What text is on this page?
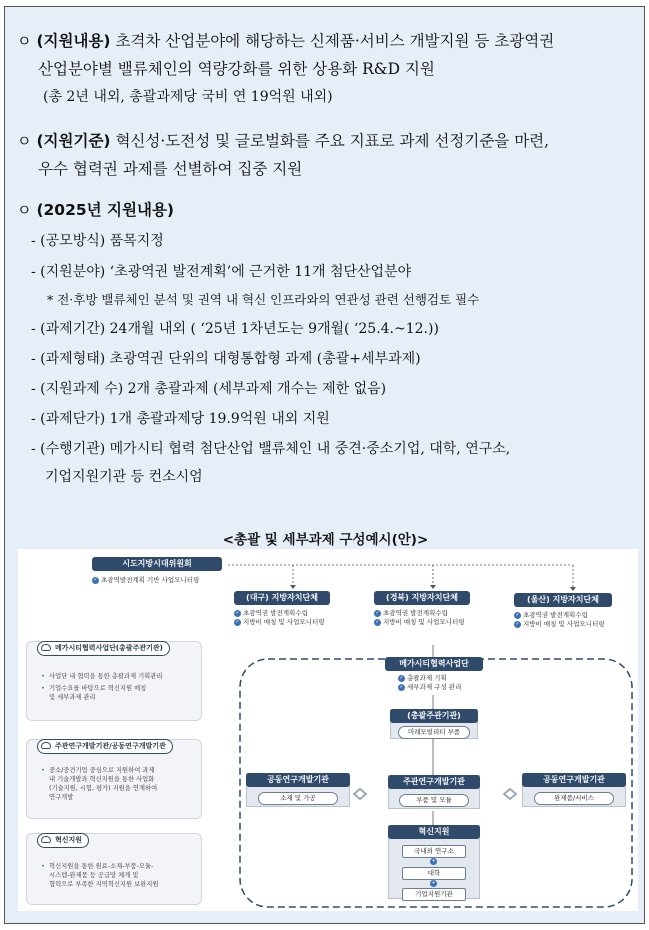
ㅇ (지원내용) 초격차 산업분야에 해당하는 신제품·서비스 개발지원 등 초광역권
산업분야별 밸류체인의 역량강화를 위한 상용화 R&D 지원
(총 2년 내외, 총괄과제당 국비 연 19억원 내외)
ㅇ (지원기준) 혁신성·도전성 및 글로벌화를 주요 지표로 과제 선정기준을 마련,
우수 협력권 과제를 선별하여 집중 지원
ㅇ (2025년 지원내용)
- (공모방식) 품목지정
- (지원분야) ‘초광역권 발전계획’에 근거한 11개 첨단산업분야
* 전·후방 밸류체인 분석 및 권역 내 혁신 인프라와의 연관성 관련 선행검토 필수
- (과제기간) 24개월 내외 ( ‘25년 1차년도는 9개월( ‘25.4.~12.))
- (과제형태) 초광역권 단위의 대형통합형 과제 (총괄+세부과제)
- (지원과제 수) 2개 총괄과제 (세부과제 개수는 제한 없음)
- (과제단가) 1개 총괄과제당 19.9억원 내외 지원
- (수행기관) 메가시티 협력 첨단산업 밸류체인 내 중견·중소기업, 대학, 연구소,
기업지원기관 등 컨소시엄
<총괄 및 세부과제 구성예시(안)>
시도지방시대위원회
✓ 초광역발전계획 기반 사업모니터링
(대구) 지방자치단체
✓ 초광역권 발전계획수립
✓ 지방비 매칭 및 사업모니터링
(경북) 지방자치단체
✓ 초광역권 발전계획수립
✓ 지방비 매칭 및 사업모니터링
(울산) 지방자치단체
✓ 초광역권 발전계획수립
✓ 지방비 매칭 및 사업모니터링
메가시티협력사업단
✓ 총괄과제 기획
✓ 세부과제 구성 관리
(총괄주관기관)
미래모빌리티 부품
공동연구개발기관
소재 및 가공
주관연구개발기관
부품 및 모듈
공동연구개발기관
완제품/서비스
혁신지원
국내외 연구소
+
대학
+
기업지원기관
메가시티협력사업단(총괄주관기관)
• 사업단 내 협력을 통한 총괄과제 기획관리
• 기업수요를 바탕으로 혁신지원 매칭
및 세부과제 관리
주관연구개발기관/공동연구개발기관
• 중소/중견기업 중심으로 지원하여 과제
내 기술개발과 혁신지원을 통한 사업화
(기술지원, 시험, 평가) 지원을 연계하여
연구개발
혁신지원
• 혁신지원을 통한 원료-소재-부품-모듈-
시스템-완제품 등 공급망 체계 및
협력으로 부족한 지역혁신지원 보완지원
